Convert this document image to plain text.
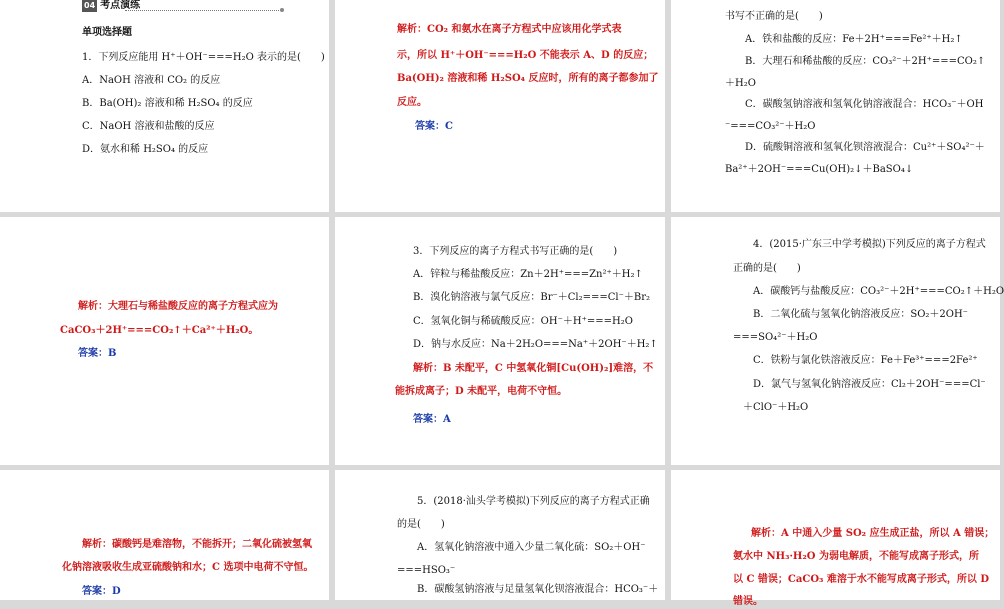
04 考点演练
单项选择题
1．下列反应能用 H⁺＋OH⁻===H₂O 表示的是(　　)
A．NaOH 溶液和 CO₂ 的反应
B．Ba(OH)₂ 溶液和稀 H₂SO₄ 的反应
C．NaOH 溶液和盐酸的反应
D．氨水和稀 H₂SO₄ 的反应
解析：CO₂ 和氨水在离子方程式中应该用化学式表
示，所以 H⁺＋OH⁻===H₂O 不能表示 A、D 的反应；
Ba(OH)₂ 溶液和稀 H₂SO₄ 反应时，所有的离子都参加了
反应。
答案：C
书写不正确的是(　　)
A．铁和盐酸的反应：Fe＋2H⁺===Fe²⁺＋H₂↑
B．大理石和稀盐酸的反应：CO₃²⁻＋2H⁺===CO₂↑
＋H₂O
C．碳酸氢钠溶液和氢氧化钠溶液混合：HCO₃⁻＋OH
⁻===CO₃²⁻＋H₂O
D．硫酸铜溶液和氢氧化钡溶液混合：Cu²⁺＋SO₄²⁻＋
Ba²⁺＋2OH⁻===Cu(OH)₂↓＋BaSO₄↓
解析：大理石与稀盐酸反应的离子方程式应为
CaCO₃＋2H⁺===CO₂↑＋Ca²⁺＋H₂O。
答案：B
3．下列反应的离子方程式书写正确的是(　　)
A．锌粒与稀盐酸反应：Zn＋2H⁺===Zn²⁺＋H₂↑
B．溴化钠溶液与氯气反应：Br⁻＋Cl₂===Cl⁻＋Br₂
C．氢氧化铜与稀硫酸反应：OH⁻＋H⁺===H₂O
D．钠与水反应：Na＋2H₂O===Na⁺＋2OH⁻＋H₂↑
解析：B 未配平，C 中氢氧化铜[Cu(OH)₂]难溶，不
能拆成离子；D 未配平，电荷不守恒。
答案：A
4．(2015·广东三中学考模拟)下列反应的离子方程式
正确的是(　　)
A．碳酸钙与盐酸反应：CO₃²⁻＋2H⁺===CO₂↑＋H₂O
B．二氧化硫与氢氧化钠溶液反应：SO₂＋2OH⁻
===SO₄²⁻＋H₂O
C．铁粉与氯化铁溶液反应：Fe＋Fe³⁺===2Fe²⁺
D．氯气与氢氧化钠溶液反应：Cl₂＋2OH⁻===Cl⁻
＋ClO⁻＋H₂O
解析：碳酸钙是难溶物，不能拆开；二氧化硫被氢氧
化钠溶液吸收生成亚硫酸钠和水；C 选项中电荷不守恒。
答案：D
5．(2018·汕头学考模拟)下列反应的离子方程式正确
的是(　　)
A．氢氧化钠溶液中通入少量二氧化硫：SO₂＋OH⁻
===HSO₃⁻
B．碳酸氢钠溶液与足量氢氧化钡溶液混合：HCO₃⁻＋
解析：A 中通入少量 SO₂ 应生成正盐，所以 A 错误；
氨水中 NH₃·H₂O 为弱电解质，不能写成离子形式，所
以 C 错误；CaCO₃ 难溶于水不能写成离子形式，所以 D
错误。
